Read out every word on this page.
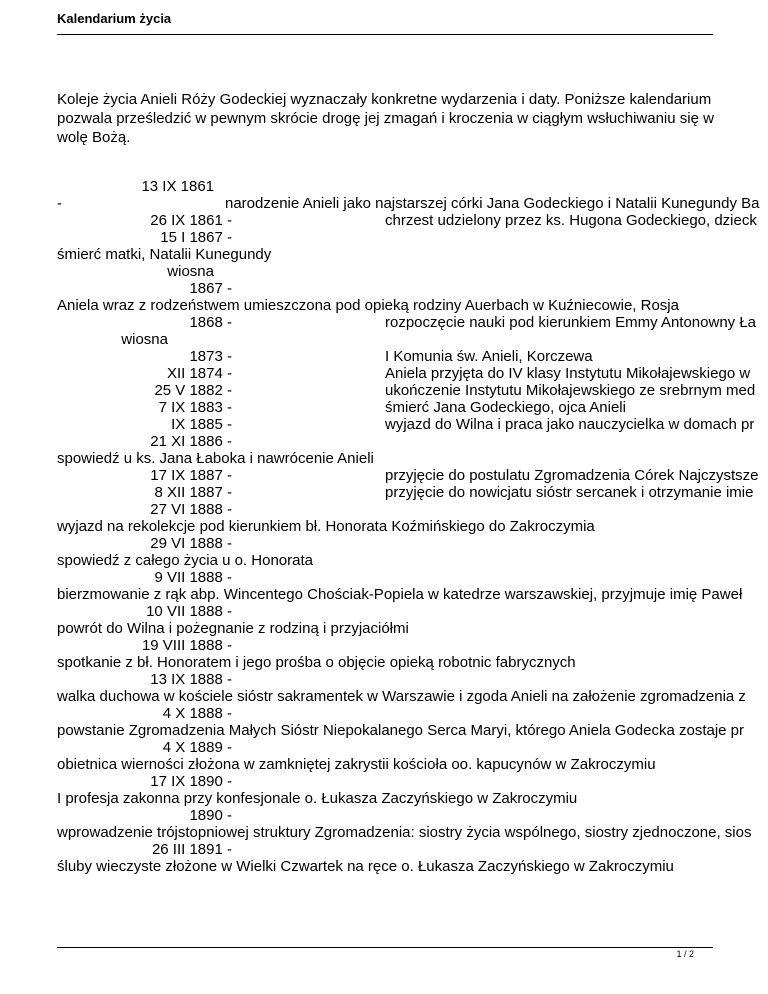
Kalendarium życia
Koleje życia Anieli Róży Godeckiej wyznaczały konkretne wydarzenia i daty. Poniższe kalendarium pozwala prześledzić w pewnym skrócie drogę jej zmagań i kroczenia w ciągłym wsłuchiwaniu się w wolę Bożą.
13 IX 1861
-	narodzenie Anieli jako najstarszej córki Jana Godeckiego i Natalii Kunegundy Ba
26 IX 1861 -	chrzest udzielony przez ks. Hugona Godeckiego, dzieck
15 I 1867 -
śmierć matki, Natalii Kunegundy
wiosna
1867 -
Aniela wraz z rodzeństwem umieszczona pod opieką rodziny Auerbach w Kuźniecowie, Rosja
1868 -	rozpoczęcie nauki pod kierunkiem Emmy Antonowny Ła
wiosna
1873 -	I Komunia św. Anieli, Korczewa
XII 1874 -	Aniela przyjęta do IV klasy Instytutu Mikołajewskiego w
25 V 1882 -	ukończenie Instytutu Mikołajewskiego ze srebrnym med
7 IX 1883 -	śmierć Jana Godeckiego, ojca Anieli
IX 1885 -	wyjazd do Wilna i praca jako nauczycielka w domach pr
21 XI 1886 -
spowiedź u ks. Jana Łaboka i nawrócenie Anieli
17 IX 1887 -	przyjęcie do postulatu Zgromadzenia Córek Najczystsze
8 XII 1887 -	przyjęcie do nowicjatu sióstr sercanek i otrzymanie imie
27 VI 1888 -
wyjazd na rekolekcje pod kierunkiem bł. Honorata Koźmińskiego do Zakroczymia
29 VI 1888 -
spowiedź z całego życia u o. Honorata
9 VII 1888 -
bierzmowanie z rąk abp. Wincentego Chościak-Popiela w katedrze warszawskiej, przyjmuje imię Paweł
10 VII 1888 -
powrót do Wilna i pożegnanie z rodziną i przyjaciółmi
19 VIII 1888 -
spotkanie z bł. Honoratem i jego prośba o objęcie opieką robotnic fabrycznych
13 IX 1888 -
walka duchowa w kościele sióstr sakramentek w Warszawie i zgoda Anieli na założenie zgromadzenia z
4 X 1888 -
powstanie Zgromadzenia Małych Sióstr Niepokalanego Serca Maryi, którego Aniela Godecka zostaje pr
4 X 1889 -
obietnica wierności złożona w zamkniętej zakrystii kościoła oo. kapucynów w Zakroczymiu
17 IX 1890 -
I profesja zakonna przy konfesjonale o. Łukasza Zaczyńskiego w Zakroczymiu
1890 -
wprowadzenie trójstopniowej struktury Zgromadzenia: siostry życia wspólnego, siostry zjednoczone, sios
26 III 1891 -
śluby wieczyste złożone w Wielki Czwartek na ręce o. Łukasza Zaczyńskiego w Zakroczymiu
1 / 2
